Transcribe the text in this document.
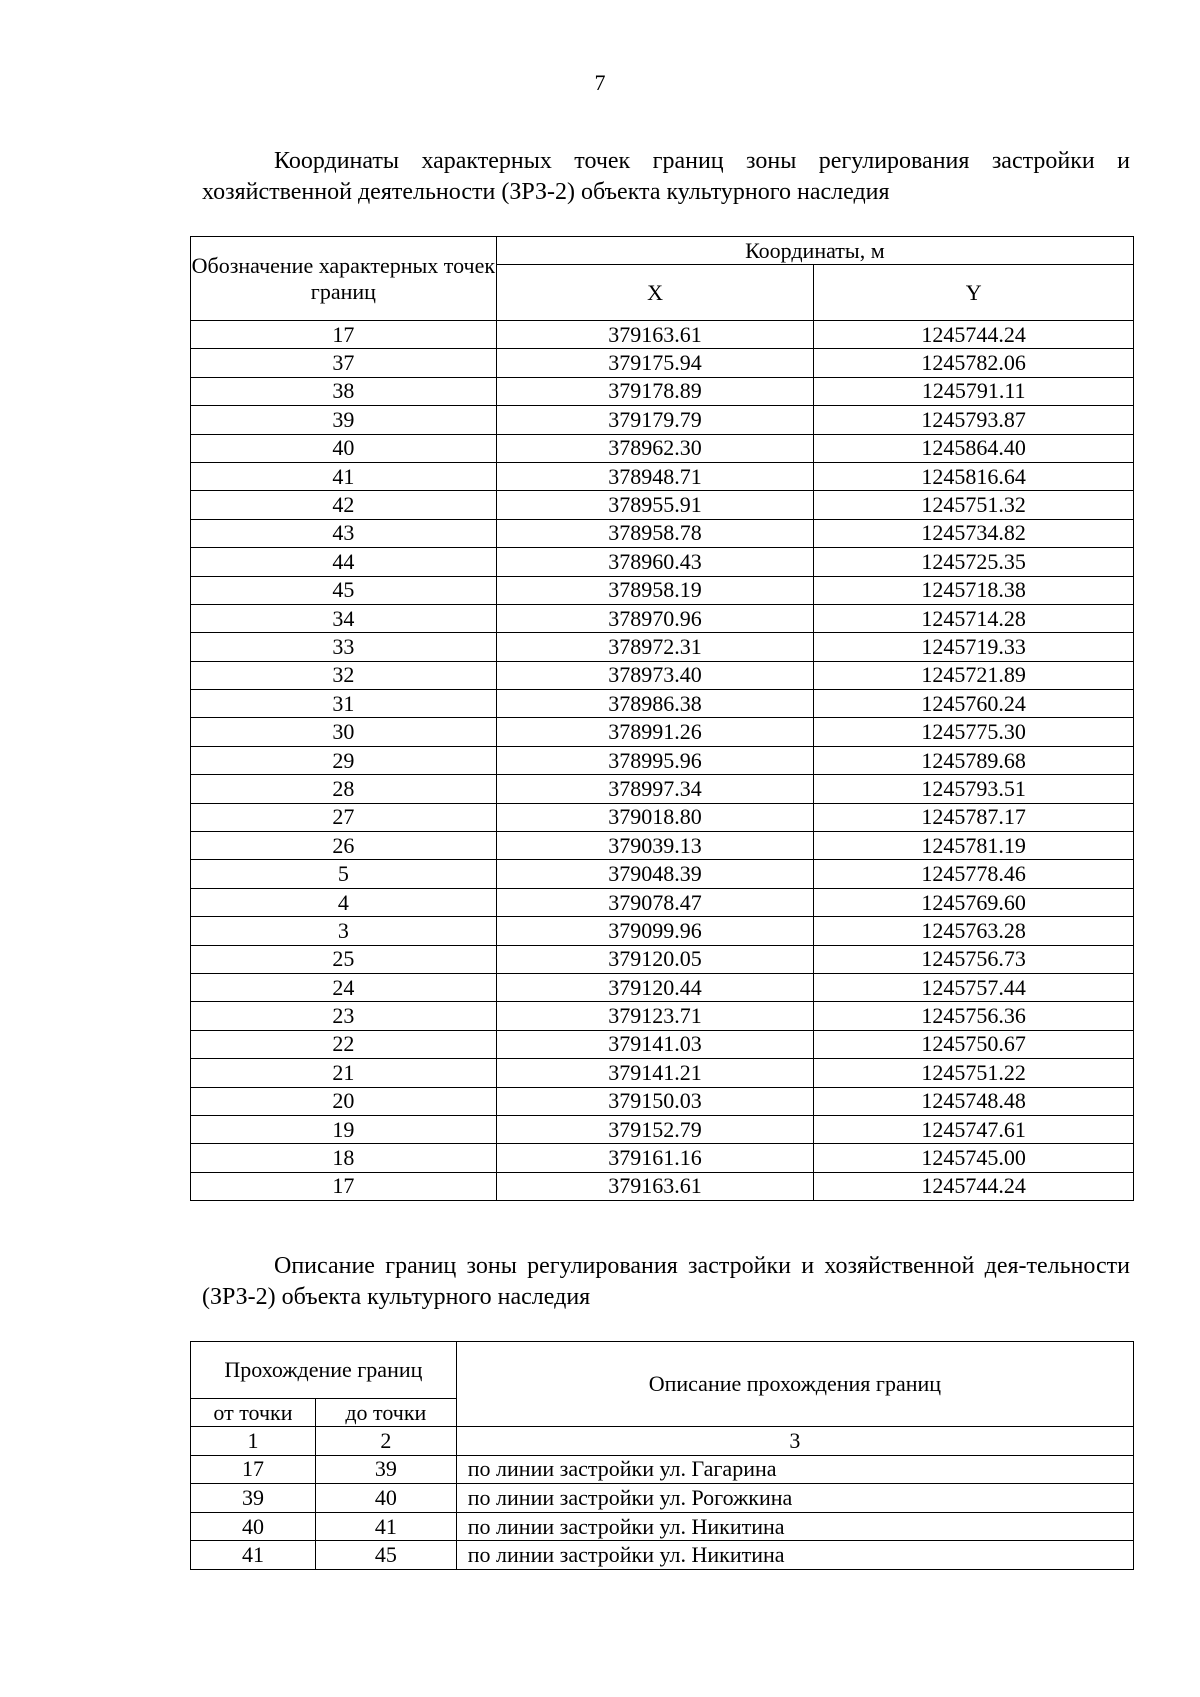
7

Координаты характерных точек границ зоны регулирования застройки и хозяйственной деятельности (ЗРЗ-2) объекта культурного наследия

Обозначение характерных точек границ	Координаты, м	
	X	Y
17	379163.61	1245744.24
37	379175.94	1245782.06
38	379178.89	1245791.11
39	379179.79	1245793.87
40	378962.30	1245864.40
41	378948.71	1245816.64
42	378955.91	1245751.32
43	378958.78	1245734.82
44	378960.43	1245725.35
45	378958.19	1245718.38
34	378970.96	1245714.28
33	378972.31	1245719.33
32	378973.40	1245721.89
31	378986.38	1245760.24
30	378991.26	1245775.30
29	378995.96	1245789.68
28	378997.34	1245793.51
27	379018.80	1245787.17
26	379039.13	1245781.19
5	379048.39	1245778.46
4	379078.47	1245769.60
3	379099.96	1245763.28
25	379120.05	1245756.73
24	379120.44	1245757.44
23	379123.71	1245756.36
22	379141.03	1245750.67
21	379141.21	1245751.22
20	379150.03	1245748.48
19	379152.79	1245747.61
18	379161.16	1245745.00
17	379163.61	1245744.24

Описание границ зоны регулирования застройки и хозяйственной дея-тельности (ЗРЗ-2) объекта культурного наследия

Прохождение границ		Описание прохождения границ
от точки	до точки	
1	2	3
17	39	по линии застройки ул. Гагарина
39	40	по линии застройки ул. Рогожкина
40	41	по линии застройки ул. Никитина
41	45	по линии застройки ул. Никитина
